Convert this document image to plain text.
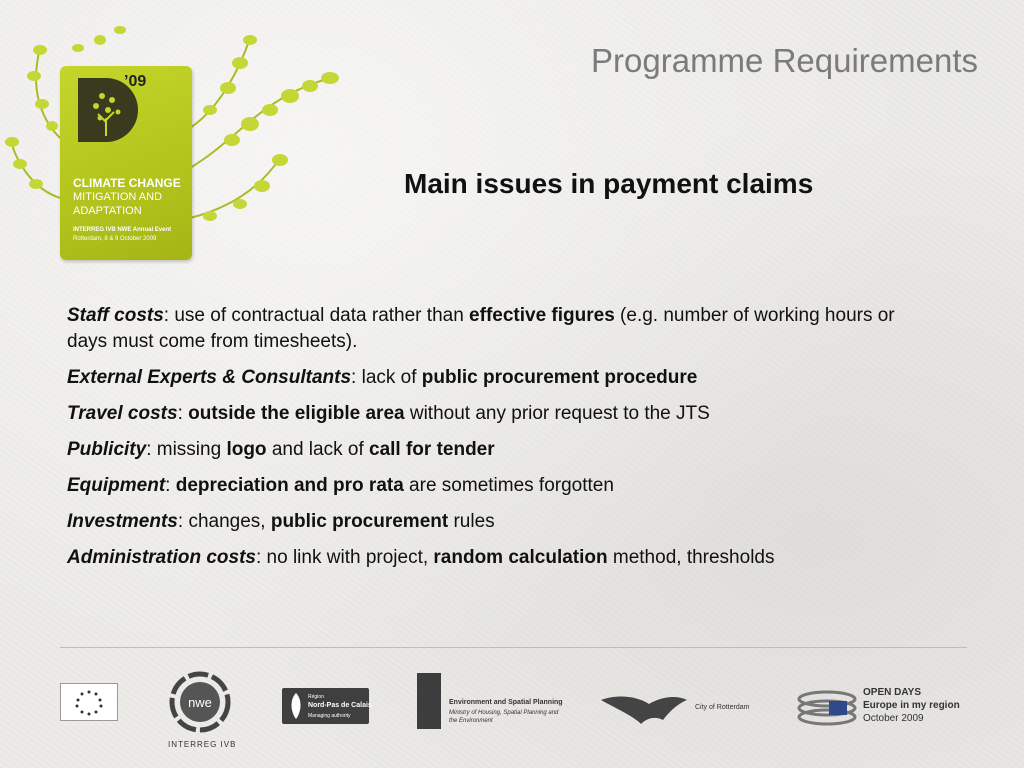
Programme Requirements
’09
CLIMATE CHANGE
MITIGATION AND
ADAPTATION
INTERREG IVB NWE Annual Event
Rotterdam, 8 & 9 October 2009
Main issues in payment claims

Staff costs: use of contractual data rather than effective figures (e.g. number of working hours or days must come from timesheets).

External Experts & Consultants: lack of public procurement procedure

Travel costs: outside the eligible area without any prior request to the JTS

Publicity: missing logo and lack of call for tender

Equipment: depreciation and pro rata are sometimes forgotten

Investments: changes, public procurement rules

Administration costs: no link with project, random calculation method, thresholds

nwe
INTERREG IVB
Région
Nord-Pas de Calais
Managing authority
Environment and Spatial Planning
Ministry of Housing, Spatial Planning and
the Environment
City of Rotterdam
OPEN DAYS
Europe in my region
October 2009
